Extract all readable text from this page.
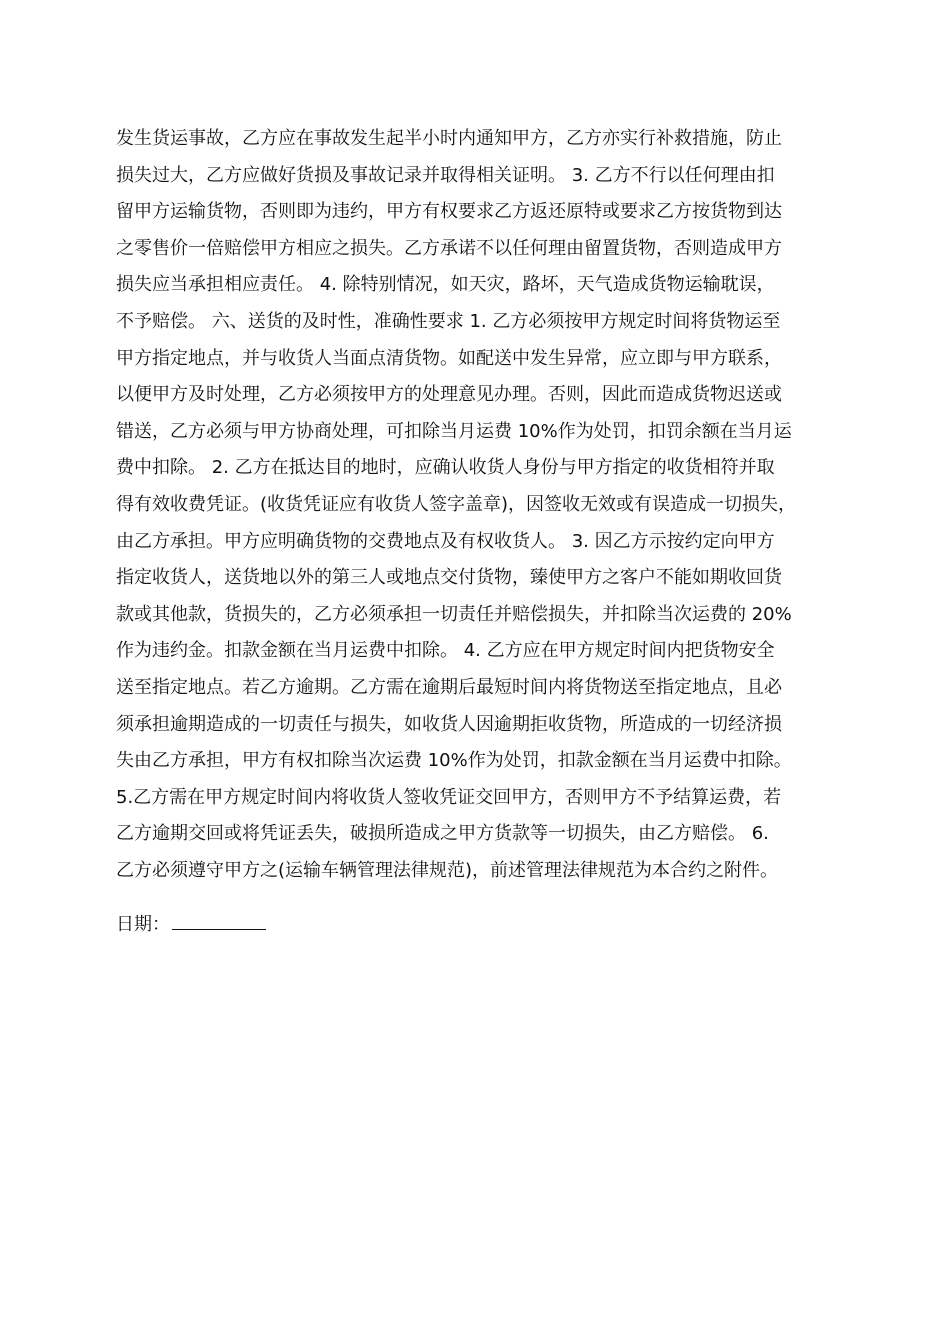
发生货运事故，乙方应在事故发生起半小时内通知甲方，乙方亦实行补救措施，防止
损失过大，乙方应做好货损及事故记录并取得相关证明。 3. 乙方不行以任何理由扣
留甲方运输货物，否则即为违约，甲方有权要求乙方返还原特或要求乙方按货物到达
之零售价一倍赔偿甲方相应之损失。乙方承诺不以任何理由留置货物，否则造成甲方
损失应当承担相应责任。 4. 除特别情况，如天灾，路坏，天气造成货物运输耽误，
不予赔偿。 六、送货的及时性，准确性要求 1. 乙方必须按甲方规定时间将货物运至
甲方指定地点，并与收货人当面点清货物。如配送中发生异常，应立即与甲方联系，
以便甲方及时处理，乙方必须按甲方的处理意见办理。否则，因此而造成货物迟送或
错送，乙方必须与甲方协商处理，可扣除当月运费 10%作为处罚，扣罚余额在当月运
费中扣除。 2. 乙方在抵达目的地时，应确认收货人身份与甲方指定的收货相符并取
得有效收费凭证。(收货凭证应有收货人签字盖章)，因签收无效或有误造成一切损失，
由乙方承担。甲方应明确货物的交费地点及有权收货人。 3. 因乙方示按约定向甲方
指定收货人，送货地以外的第三人或地点交付货物，臻使甲方之客户不能如期收回货
款或其他款，货损失的，乙方必须承担一切责任并赔偿损失，并扣除当次运费的 20%
作为违约金。扣款金额在当月运费中扣除。 4. 乙方应在甲方规定时间内把货物安全
送至指定地点。若乙方逾期。乙方需在逾期后最短时间内将货物送至指定地点，且必
须承担逾期造成的一切责任与损失，如收货人因逾期拒收货物，所造成的一切经济损
失由乙方承担，甲方有权扣除当次运费 10%作为处罚，扣款金额在当月运费中扣除。
5.乙方需在甲方规定时间内将收货人签收凭证交回甲方，否则甲方不予结算运费，若
乙方逾期交回或将凭证丢失，破损所造成之甲方货款等一切损失，由乙方赔偿。 6.
乙方必须遵守甲方之(运输车辆管理法律规范)，前述管理法律规范为本合约之附件。

日期：
